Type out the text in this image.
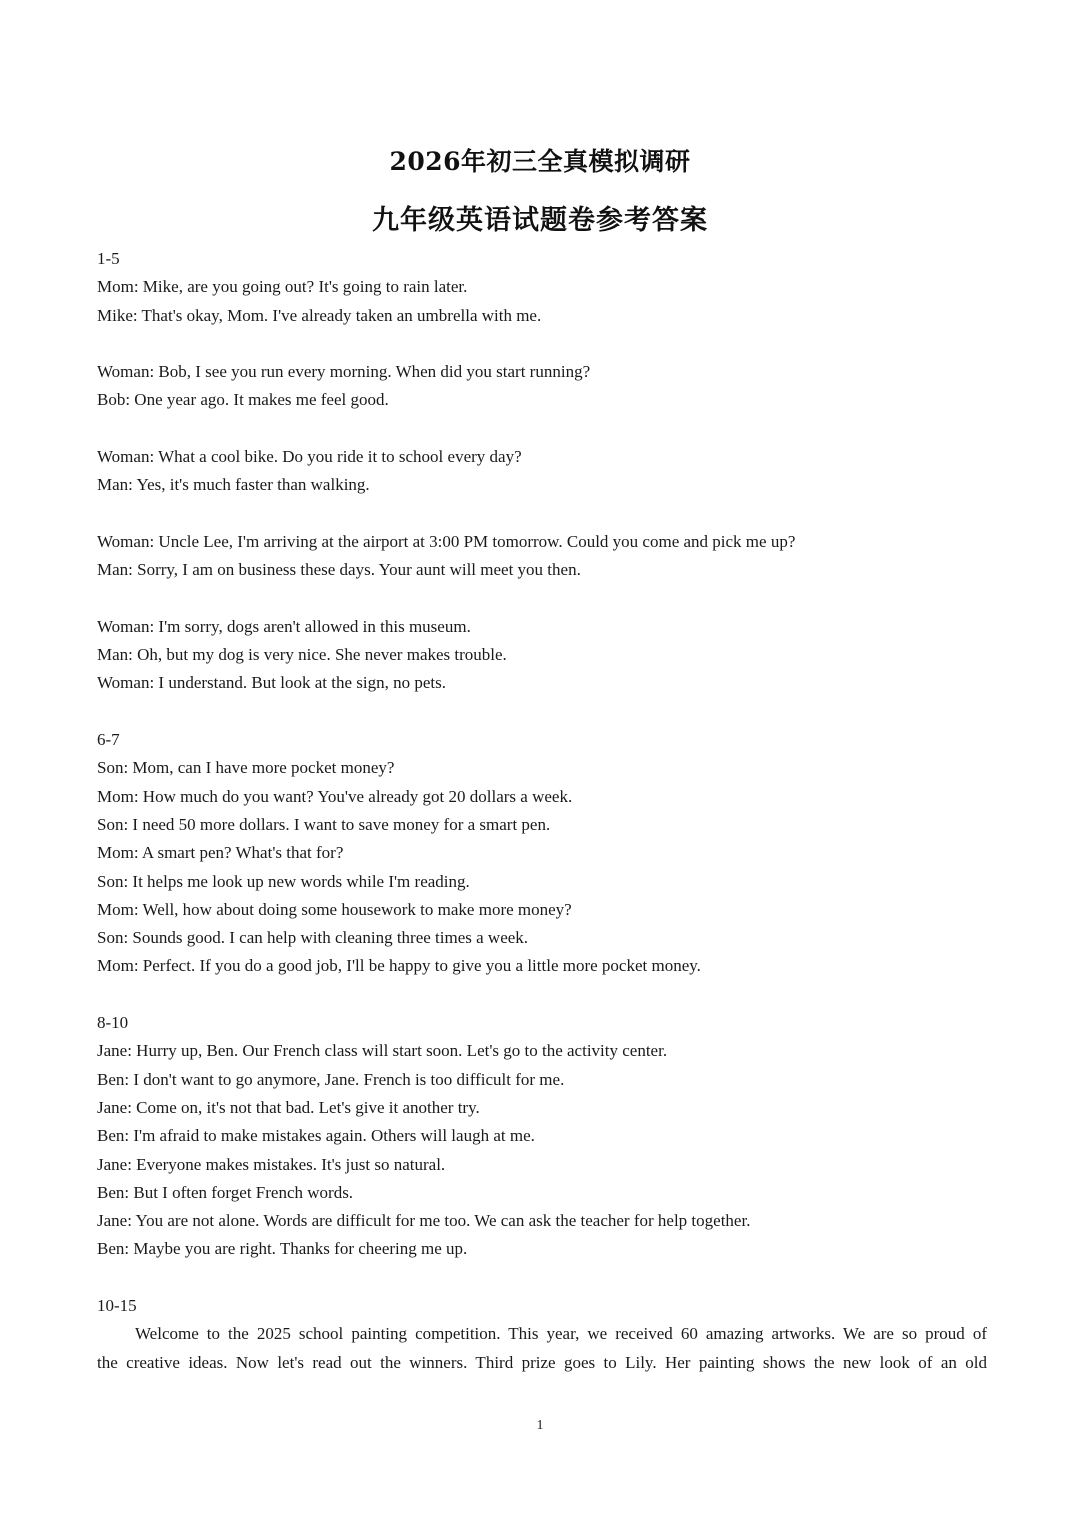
2026年初三全真模拟调研
九年级英语试题卷参考答案
1-5
Mom: Mike, are you going out? It's going to rain later.
Mike: That's okay, Mom. I've already taken an umbrella with me.
Woman: Bob, I see you run every morning. When did you start running?
Bob: One year ago. It makes me feel good.
Woman: What a cool bike. Do you ride it to school every day?
Man: Yes, it's much faster than walking.
Woman: Uncle Lee, I'm arriving at the airport at 3:00 PM tomorrow. Could you come and pick me up?
Man: Sorry, I am on business these days. Your aunt will meet you then.
Woman: I'm sorry, dogs aren't allowed in this museum.
Man: Oh, but my dog is very nice. She never makes trouble.
Woman: I understand. But look at the sign, no pets.
6-7
Son: Mom, can I have more pocket money?
Mom: How much do you want? You've already got 20 dollars a week.
Son: I need 50 more dollars. I want to save money for a smart pen.
Mom: A smart pen? What's that for?
Son: It helps me look up new words while I'm reading.
Mom: Well, how about doing some housework to make more money?
Son: Sounds good. I can help with cleaning three times a week.
Mom: Perfect. If you do a good job, I'll be happy to give you a little more pocket money.
8-10
Jane: Hurry up, Ben. Our French class will start soon. Let's go to the activity center.
Ben: I don't want to go anymore, Jane. French is too difficult for me.
Jane: Come on, it's not that bad. Let's give it another try.
Ben: I'm afraid to make mistakes again. Others will laugh at me.
Jane: Everyone makes mistakes. It's just so natural.
Ben: But I often forget French words.
Jane: You are not alone. Words are difficult for me too. We can ask the teacher for help together.
Ben: Maybe you are right. Thanks for cheering me up.
10-15
Welcome to the 2025 school painting competition. This year, we received 60 amazing artworks. We are so proud of
the creative ideas. Now let's read out the winners. Third prize goes to Lily. Her painting shows the new look of an old
1
